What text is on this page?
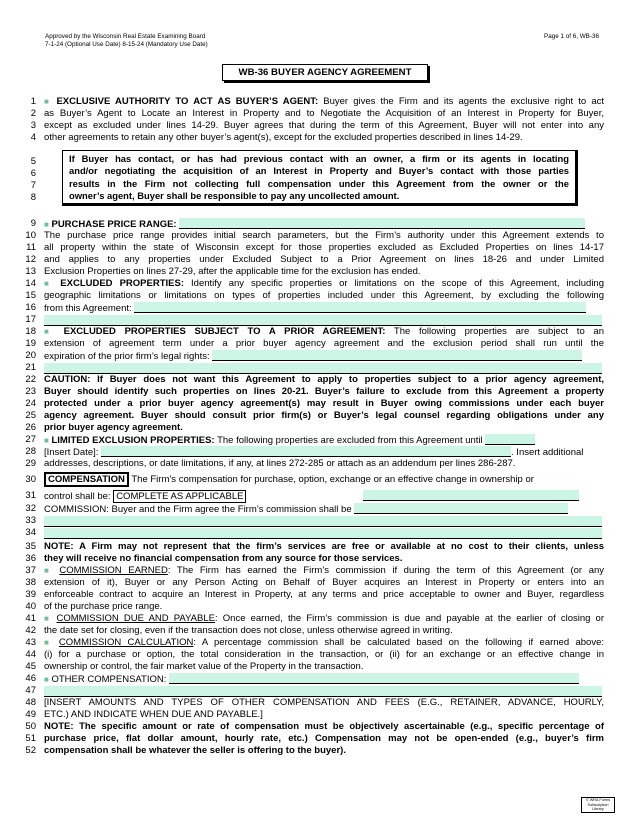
Approved by the Wisconsin Real Estate Examining Board
7-1-24 (Optional Use Date) 8-15-24 (Mandatory Use Date)
Page 1 of 6, WB-36
WB-36 BUYER AGENCY AGREEMENT
1 ■ EXCLUSIVE AUTHORITY TO ACT AS BUYER’S AGENT: Buyer gives the Firm and its agents the exclusive right to act
2 as Buyer’s Agent to Locate an Interest in Property and to Negotiate the Acquisition of an Interest in Property for Buyer,
3 except as excluded under lines 14-29. Buyer agrees that during the term of this Agreement, Buyer will not enter into any
4 other agreements to retain any other buyer’s agent(s), except for the excluded properties described in lines 14-29.
5
6
7
8

If Buyer has contact, or has had previous contact with an owner, a firm or its agents in locating

and/or negotiating the acquisition of an Interest in Property and Buyer’s contact with those parties

results in the Firm not collecting full compensation under this Agreement from the owner or the

owner’s agent, Buyer shall be responsible to pay any uncollected amount.

9 ■ PURCHASE PRICE RANGE:
10 The purchase price range provides initial search parameters, but the Firm’s authority under this Agreement extends to
11 all property within the state of Wisconsin except for those properties excluded as Excluded Properties on lines 14-17
12 and applies to any properties under Excluded Subject to a Prior Agreement on lines 18-26 and under Limited
13 Exclusion Properties on lines 27-29, after the applicable time for the exclusion has ended.
14 ■ EXCLUDED PROPERTIES: Identify any specific properties or limitations on the scope of this Agreement, including
15 geographic limitations or limitations on types of properties included under this Agreement, by excluding the following
16 from this Agreement:
17
18 ■ EXCLUDED PROPERTIES SUBJECT TO A PRIOR AGREEMENT: The following properties are subject to an
19 extension of agreement term under a prior buyer agency agreement and the exclusion period shall run until the
20 expiration of the prior firm’s legal rights:
21
22 CAUTION: If Buyer does not want this Agreement to apply to properties subject to a prior agency agreement,
23 Buyer should identify such properties on lines 20-21. Buyer’s failure to exclude from this Agreement a property
24 protected under a prior buyer agency agreement(s) may result in Buyer owing commissions under each buyer
25 agency agreement. Buyer should consult prior firm(s) or Buyer’s legal counsel regarding obligations under any
26 prior buyer agency agreement.
27 ■ LIMITED EXCLUSION PROPERTIES: The following properties are excluded from this Agreement until
28 [Insert Date]:	. Insert additional
29 addresses, descriptions, or date limitations, if any, at lines 272-285 or attach as an addendum per lines 286-287.
30	COMPENSATION The Firm’s compensation for purchase, option, exchange or an effective change in ownership or
31 control shall be: COMPLETE AS APPLICABLE
32 COMMISSION: Buyer and the Firm agree the Firm’s commission shall be
33
34
35 NOTE: A Firm may not represent that the firm’s services are free or available at no cost to their clients, unless
36 they will receive no financial compensation from any source for those services.
37 ■ COMMISSION EARNED: The Firm has earned the Firm’s commission if during the term of this Agreement (or any
38 extension of it), Buyer or any Person Acting on Behalf of Buyer acquires an Interest in Property or enters into an
39 enforceable contract to acquire an Interest in Property, at any terms and price acceptable to owner and Buyer, regardless
40 of the purchase price range.
41 ■ COMMISSION DUE AND PAYABLE: Once earned, the Firm’s commission is due and payable at the earlier of closing or
42 the date set for closing, even if the transaction does not close, unless otherwise agreed in writing.
43 ■ COMMISSION CALCULATION: A percentage commission shall be calculated based on the following if earned above:
44 (i) for a purchase or option, the total consideration in the transaction, or (ii) for an exchange or an effective change in
45 ownership or control, the fair market value of the Property in the transaction.
46 ■ OTHER COMPENSATION:
47
48 [INSERT AMOUNTS AND TYPES OF OTHER COMPENSATION AND FEES (E.G., RETAINER, ADVANCE, HOURLY,
49 ETC.) AND INDICATE WHEN DUE AND PAYABLE.]
50 NOTE: The specific amount or rate of compensation must be objectively ascertainable (e.g., specific percentage of
51 purchase price, flat dollar amount, hourly rate, etc.) Compensation may not be open-ended (e.g., buyer’s firm
52 compensation shall be whatever the seller is offering to the buyer).
© WRA Forms Subscription Library
